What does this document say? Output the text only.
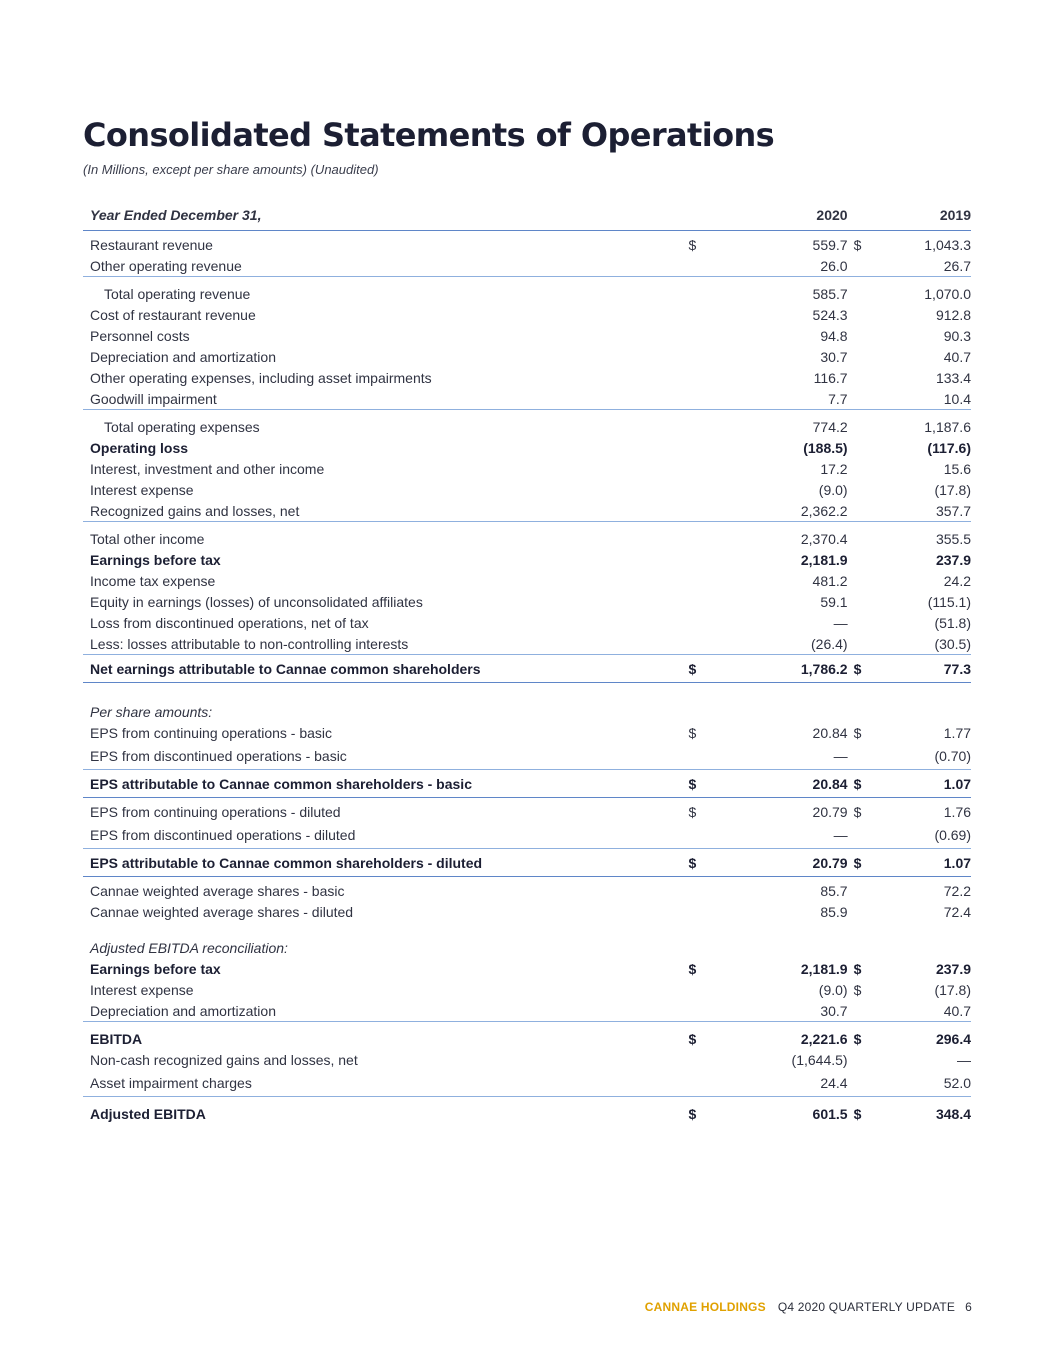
Consolidated Statements of Operations
(In Millions, except per share amounts) (Unaudited)
Year Ended December 31,	2020	2019
Restaurant revenue	$	559.7 $	1,043.3
Other operating revenue	26.0	26.7
Total operating revenue	585.7	1,070.0
Cost of restaurant revenue	524.3	912.8
Personnel costs	94.8	90.3
Depreciation and amortization	30.7	40.7
Other operating expenses, including asset impairments	116.7	133.4
Goodwill impairment	7.7	10.4
Total operating expenses	774.2	1,187.6
Operating loss	(188.5)	(117.6)
Interest, investment and other income	17.2	15.6
Interest expense	(9.0)	(17.8)
Recognized gains and losses, net	2,362.2	357.7
Total other income	2,370.4	355.5
Earnings before tax	2,181.9	237.9
Income tax expense	481.2	24.2
Equity in earnings (losses) of unconsolidated affiliates	59.1	(115.1)
Loss from discontinued operations, net of tax	—	(51.8)
Less: losses attributable to non-controlling interests	(26.4)	(30.5)
Net earnings attributable to Cannae common shareholders	$	1,786.2 $	77.3
Per share amounts:
EPS from continuing operations - basic	$	20.84 $	1.77
EPS from discontinued operations - basic	—	(0.70)
EPS attributable to Cannae common shareholders - basic	$	20.84 $	1.07
EPS from continuing operations - diluted	$	20.79 $	1.76
EPS from discontinued operations - diluted	—	(0.69)
EPS attributable to Cannae common shareholders - diluted	$	20.79 $	1.07
Cannae weighted average shares - basic	85.7	72.2
Cannae weighted average shares - diluted	85.9	72.4
Adjusted EBITDA reconciliation:
Earnings before tax	$	2,181.9 $	237.9
Interest expense	(9.0) $	(17.8)
Depreciation and amortization	30.7	40.7
EBITDA	$	2,221.6 $	296.4
Non-cash recognized gains and losses, net	(1,644.5)	—
Asset impairment charges	24.4	52.0
Adjusted EBITDA	$	601.5 $	348.4
CANNAE HOLDINGS Q4 2020 QUARTERLY UPDATE 6
